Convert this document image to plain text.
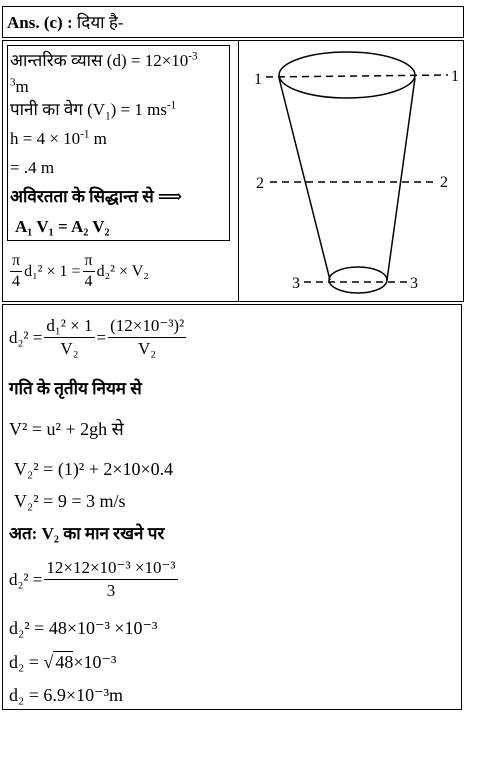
Ans. (c) : दिया है-
आन्तरिक व्यास $(d) = 12\times 10^{-3}$
$^3$m
पानी का वेग $(V_1) = 1$ $ms^{-1}$
$h = 4 \times 10^{-1}$ m
= .4 m
अविरतता के सिद्धान्त से ⟹
A₁ V₁ = A₂ V₂
$\frac{\pi}{4} d_1^2 \times 1 = \frac{\pi}{4} d_2^2 \times V_2$
1	1
2	2
3	3
$d_2^2 = \frac{\text{d₁² × 1}}{\text{V₂}} = \frac{\text{(12×10⁻³)²}}{\text{V₂}}$
गति के तृतीय नियम से
V² = u² + 2gh से
V₂² = (1)² + 2×10×0.4
V₂² = 9 = 3 m/s
अत: V₂ का मान रखने पर
$d_2^2 = \frac{\text{12×12×10⁻³ ×10⁻³}}{3}$
d₂² = 48×10⁻³ ×10⁻³
d₂ = √ 48×10⁻³
d₂ = 6.9×10⁻³m
